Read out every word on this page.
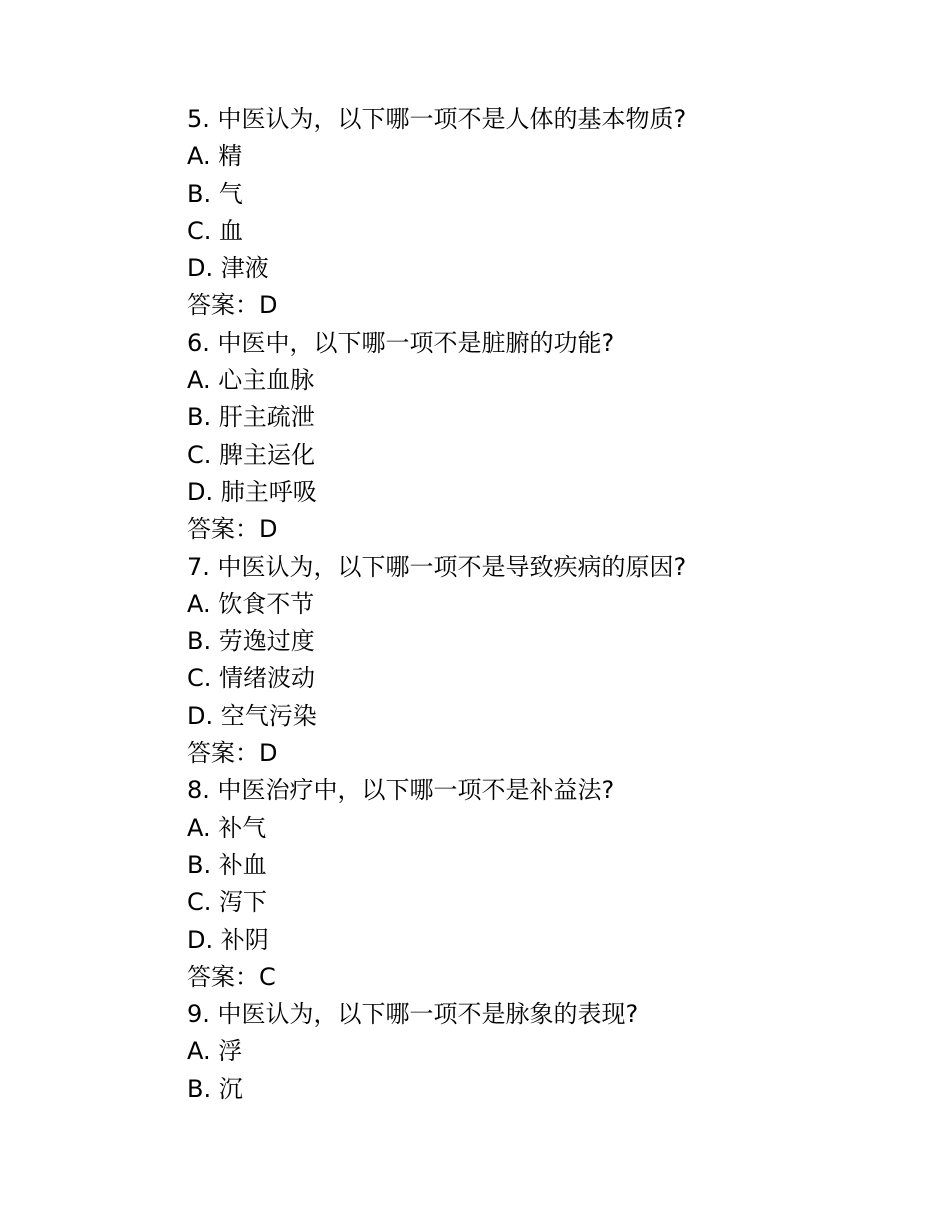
5. 中医认为，以下哪一项不是人体的基本物质?
A. 精
B. 气
C. 血
D. 津液
答案：D
6. 中医中，以下哪一项不是脏腑的功能?
A. 心主血脉
B. 肝主疏泄
C. 脾主运化
D. 肺主呼吸
答案：D
7. 中医认为，以下哪一项不是导致疾病的原因?
A. 饮食不节
B. 劳逸过度
C. 情绪波动
D. 空气污染
答案：D
8. 中医治疗中，以下哪一项不是补益法?
A. 补气
B. 补血
C. 泻下
D. 补阴
答案：C
9. 中医认为，以下哪一项不是脉象的表现?
A. 浮
B. 沉
